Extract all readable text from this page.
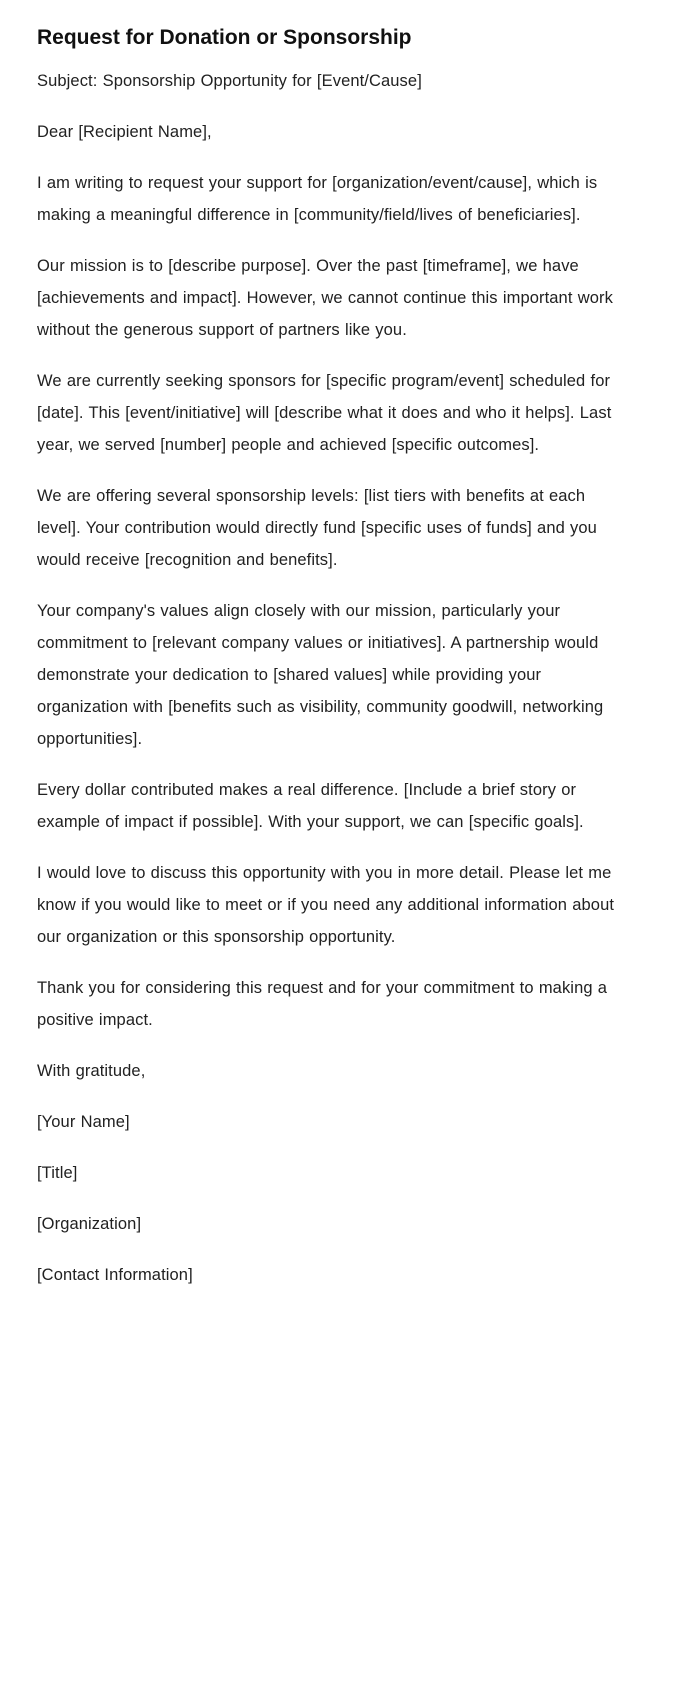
Request for Donation or Sponsorship

Subject: Sponsorship Opportunity for [Event/Cause]

Dear [Recipient Name],

I am writing to request your support for [organization/event/cause], which is making a meaningful difference in [community/field/lives of beneficiaries].

Our mission is to [describe purpose]. Over the past [timeframe], we have [achievements and impact]. However, we cannot continue this important work without the generous support of partners like you.

We are currently seeking sponsors for [specific program/event] scheduled for [date]. This [event/initiative] will [describe what it does and who it helps]. Last year, we served [number] people and achieved [specific outcomes].

We are offering several sponsorship levels: [list tiers with benefits at each level]. Your contribution would directly fund [specific uses of funds] and you would receive [recognition and benefits].

Your company's values align closely with our mission, particularly your commitment to [relevant company values or initiatives]. A partnership would demonstrate your dedication to [shared values] while providing your organization with [benefits such as visibility, community goodwill, networking opportunities].

Every dollar contributed makes a real difference. [Include a brief story or example of impact if possible]. With your support, we can [specific goals].

I would love to discuss this opportunity with you in more detail. Please let me know if you would like to meet or if you need any additional information about our organization or this sponsorship opportunity.

Thank you for considering this request and for your commitment to making a positive impact.

With gratitude,

[Your Name]

[Title]

[Organization]

[Contact Information]
